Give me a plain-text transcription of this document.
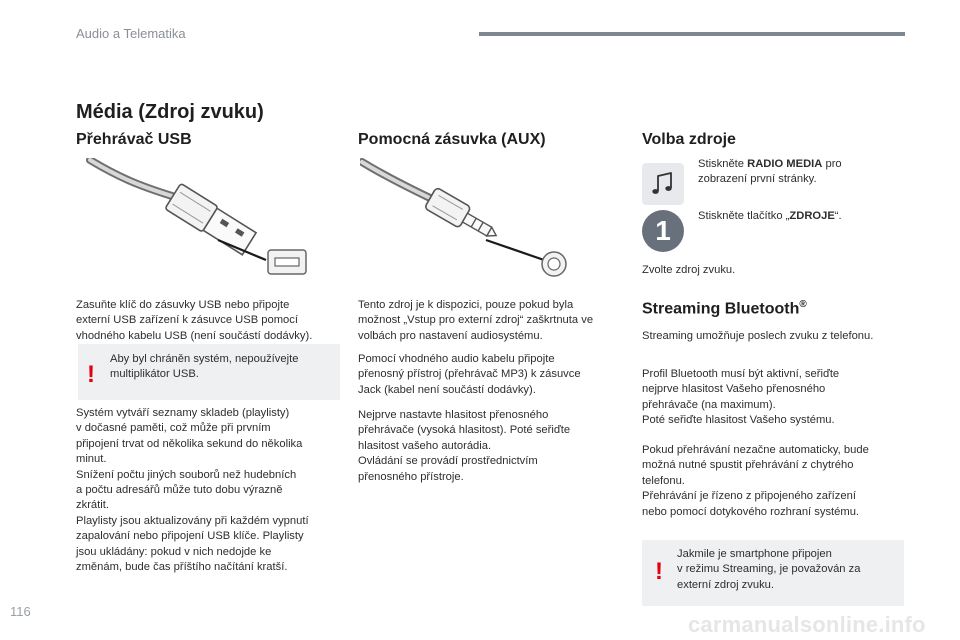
Audio a Telematika
Média (Zdroj zvuku)
Přehrávač USB
Zasuňte klíč do zásuvky USB nebo připojte
externí USB zařízení k zásuvce USB pomocí
vhodného kabelu USB (není součástí dodávky).
!
Aby byl chráněn systém, nepoužívejte
multiplikátor USB.
Systém vytváří seznamy skladeb (playlisty)
v dočasné paměti, což může při prvním
připojení trvat od několika sekund do několika
minut.
Snížení počtu jiných souborů než hudebních
a počtu adresářů může tuto dobu výrazně
zkrátit.
Playlisty jsou aktualizovány při každém vypnutí
zapalování nebo připojení USB klíče. Playlisty
jsou ukládány: pokud v nich nedojde ke
změnám, bude čas příštího načítání kratší.
Pomocná zásuvka (AUX)
Tento zdroj je k dispozici, pouze pokud byla
možnost „Vstup pro externí zdroj“ zaškrtnuta ve
volbách pro nastavení audiosystému.
Pomocí vhodného audio kabelu připojte
přenosný přístroj (přehrávač MP3) k zásuvce
Jack (kabel není součástí dodávky).
Nejprve nastavte hlasitost přenosného
přehrávače (vysoká hlasitost). Poté seřiďte
hlasitost vašeho autorádia.
Ovládání se provádí prostřednictvím
přenosného přístroje.
Volba zdroje
Stiskněte RADIO MEDIA pro
zobrazení první stránky.
1	Stiskněte tlačítko „ZDROJE“.
Zvolte zdroj zvuku.
Streaming Bluetooth®
Streaming umožňuje poslech zvuku z telefonu.
Profil Bluetooth musí být aktivní, seřiďte
nejprve hlasitost Vašeho přenosného
přehrávače (na maximum).
Poté seřiďte hlasitost Vašeho systému.
Pokud přehrávání nezačne automaticky, bude
možná nutné spustit přehrávání z chytrého
telefonu.
Přehrávání je řízeno z připojeného zařízení
nebo pomocí dotykového rozhraní systému.
!
Jakmile je smartphone připojen
v režimu Streaming, je považován za
externí zdroj zvuku.
116
carmanualsonline.info
